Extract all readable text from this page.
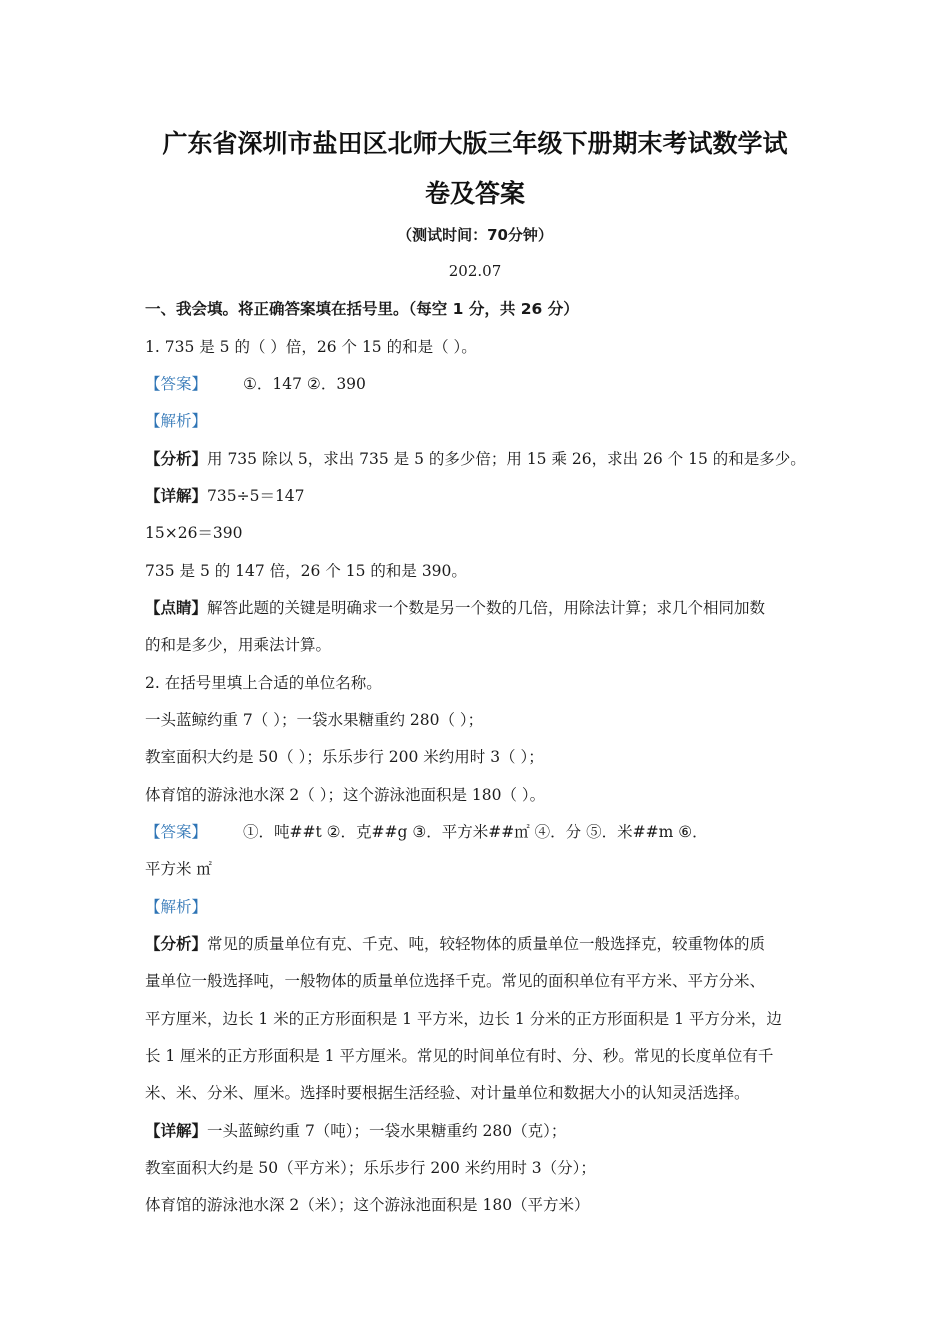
广东省深圳市盐田区北师大版三年级下册期末考试数学试
卷及答案
（测试时间：70分钟）
202.07
一、我会填。将正确答案填在括号里。（每空 1 分，共 26 分）
1. 735 是 5 的（ ）倍，26 个 15 的和是（ ）。
【答案】 ①．147 ②．390
【解析】
【分析】用 735 除以 5，求出 735 是 5 的多少倍；用 15 乘 26，求出 26 个 15 的和是多少。
【详解】735÷5＝147
15×26＝390
735 是 5 的 147 倍，26 个 15 的和是 390。
【点睛】解答此题的关键是明确求一个数是另一个数的几倍，用除法计算；求几个相同加数
的和是多少，用乘法计算。
2. 在括号里填上合适的单位名称。
一头蓝鲸约重 7（ ）；一袋水果糖重约 280（ ）；
教室面积大约是 50（ ）；乐乐步行 200 米约用时 3（ ）；
体育馆的游泳池水深 2（ ）；这个游泳池面积是 180（ ）。
【答案】 ①．吨##t ②．克##g ③．平方米##㎡ ④．分 ⑤．米##m ⑥．
平方米 ㎡
【解析】
【分析】常见的质量单位有克、千克、吨，较轻物体的质量单位一般选择克，较重物体的质
量单位一般选择吨，一般物体的质量单位选择千克。常见的面积单位有平方米、平方分米、
平方厘米，边长 1 米的正方形面积是 1 平方米，边长 1 分米的正方形面积是 1 平方分米，边
长 1 厘米的正方形面积是 1 平方厘米。常见的时间单位有时、分、秒。常见的长度单位有千
米、米、分米、厘米。选择时要根据生活经验、对计量单位和数据大小的认知灵活选择。
【详解】一头蓝鲸约重 7（吨）；一袋水果糖重约 280（克）；
教室面积大约是 50（平方米）；乐乐步行 200 米约用时 3（分）；
体育馆的游泳池水深 2（米）；这个游泳池面积是 180（平方米）
